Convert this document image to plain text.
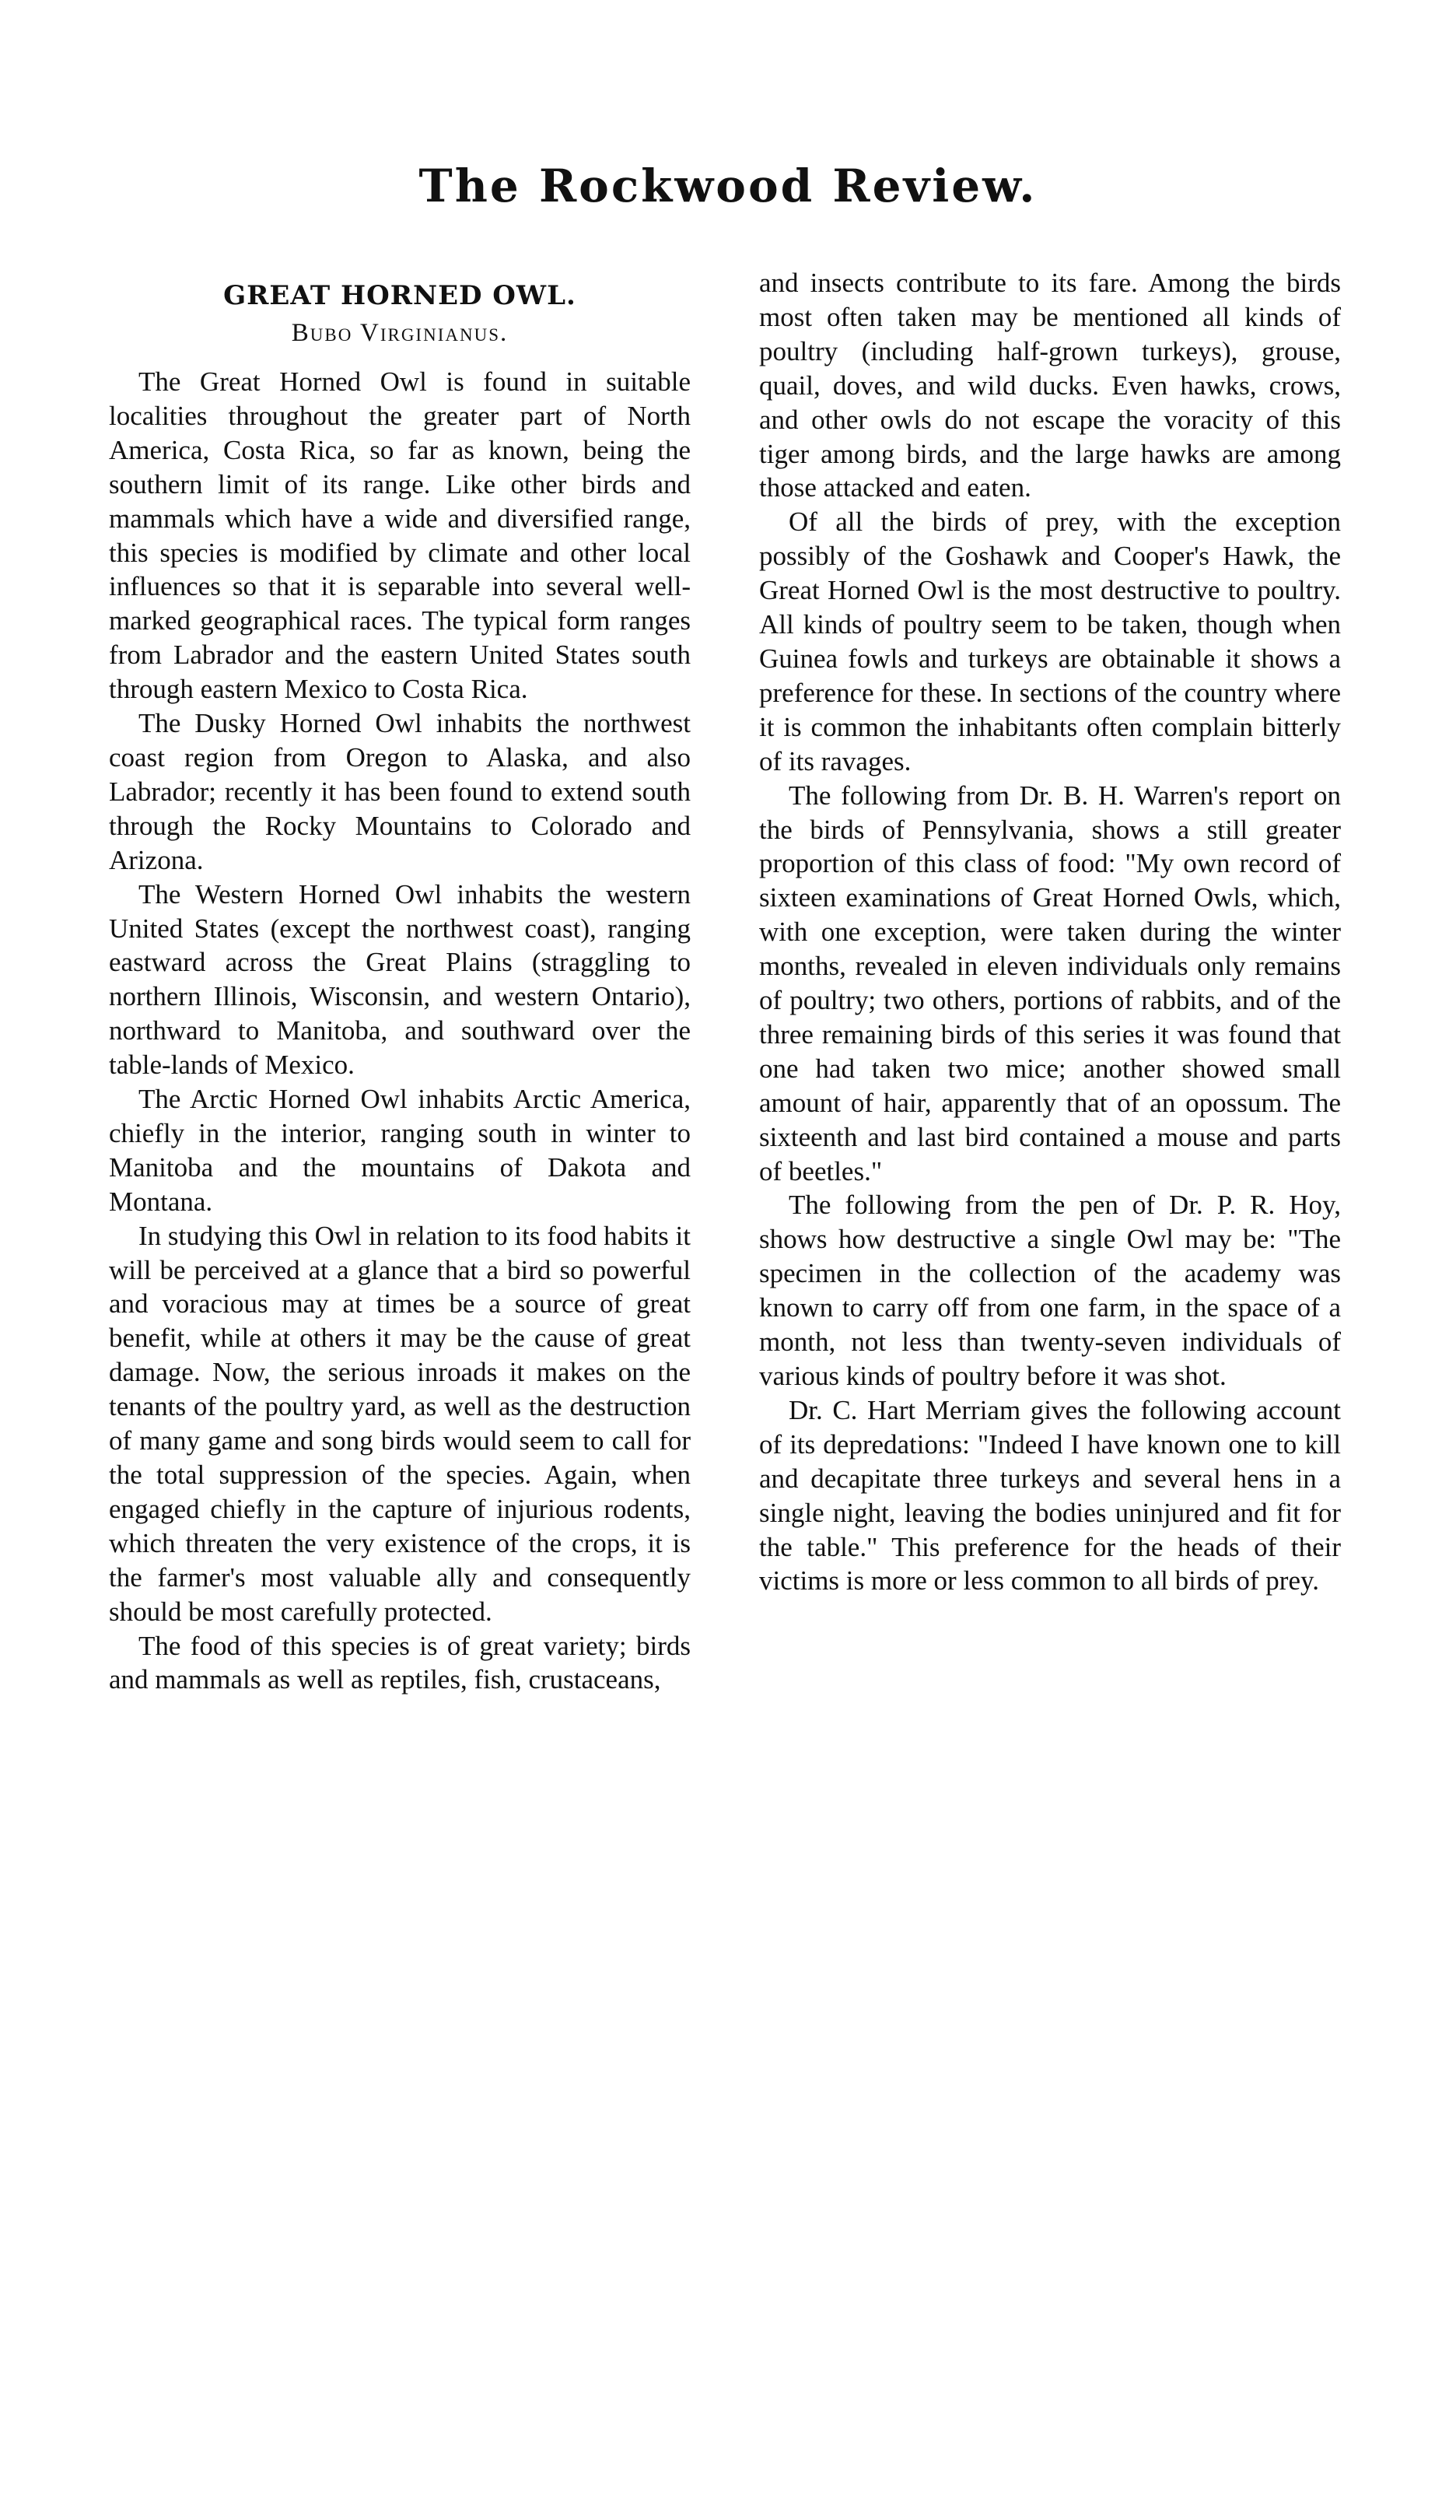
The Rockwood Review.
GREAT HORNED OWL.
Bubo Virginianus.

The Great Horned Owl is found in suitable localities throughout the greater part of North America, Costa Rica, so far as known, being the southern limit of its range. Like other birds and mammals which have a wide and diversified range, this species is modified by climate and other local influences so that it is separable into several well-marked geographical races. The typical form ranges from Labrador and the eastern United States south through eastern Mexico to Costa Rica.

The Dusky Horned Owl inhabits the northwest coast region from Oregon to Alaska, and also Labrador; recently it has been found to extend south through the Rocky Mountains to Colorado and Arizona.

The Western Horned Owl inhabits the western United States (except the northwest coast), ranging eastward across the Great Plains (straggling to northern Illinois, Wisconsin, and western Ontario), northward to Manitoba, and southward over the table-lands of Mexico.

The Arctic Horned Owl inhabits Arctic America, chiefly in the interior, ranging south in winter to Manitoba and the mountains of Dakota and Montana.

In studying this Owl in relation to its food habits it will be perceived at a glance that a bird so powerful and voracious may at times be a source of great benefit, while at others it may be the cause of great damage. Now, the serious inroads it makes on the tenants of the poultry yard, as well as the destruction of many game and song birds would seem to call for the total suppression of the species. Again, when engaged chiefly in the capture of injurious rodents, which threaten the very existence of the crops, it is the farmer's most valuable ally and consequently should be most carefully protected.

The food of this species is of great variety; birds and mammals as well as reptiles, fish, crustaceans,

and insects contribute to its fare. Among the birds most often taken may be mentioned all kinds of poultry (including half-grown turkeys), grouse, quail, doves, and wild ducks. Even hawks, crows, and other owls do not escape the voracity of this tiger among birds, and the large hawks are among those attacked and eaten.

Of all the birds of prey, with the exception possibly of the Goshawk and Cooper's Hawk, the Great Horned Owl is the most destructive to poultry. All kinds of poultry seem to be taken, though when Guinea fowls and turkeys are obtainable it shows a preference for these. In sections of the country where it is common the inhabitants often complain bitterly of its ravages.

The following from Dr. B. H. Warren's report on the birds of Pennsylvania, shows a still greater proportion of this class of food: "My own record of sixteen examinations of Great Horned Owls, which, with one exception, were taken during the winter months, revealed in eleven individuals only remains of poultry; two others, portions of rabbits, and of the three remaining birds of this series it was found that one had taken two mice; another showed small amount of hair, apparently that of an opossum. The sixteenth and last bird contained a mouse and parts of beetles."

The following from the pen of Dr. P. R. Hoy, shows how destructive a single Owl may be: "The specimen in the collection of the academy was known to carry off from one farm, in the space of a month, not less than twenty-seven individuals of various kinds of poultry before it was shot.

Dr. C. Hart Merriam gives the following account of its depredations: "Indeed I have known one to kill and decapitate three turkeys and several hens in a single night, leaving the bodies uninjured and fit for the table." This preference for the heads of their victims is more or less common to all birds of prey.
